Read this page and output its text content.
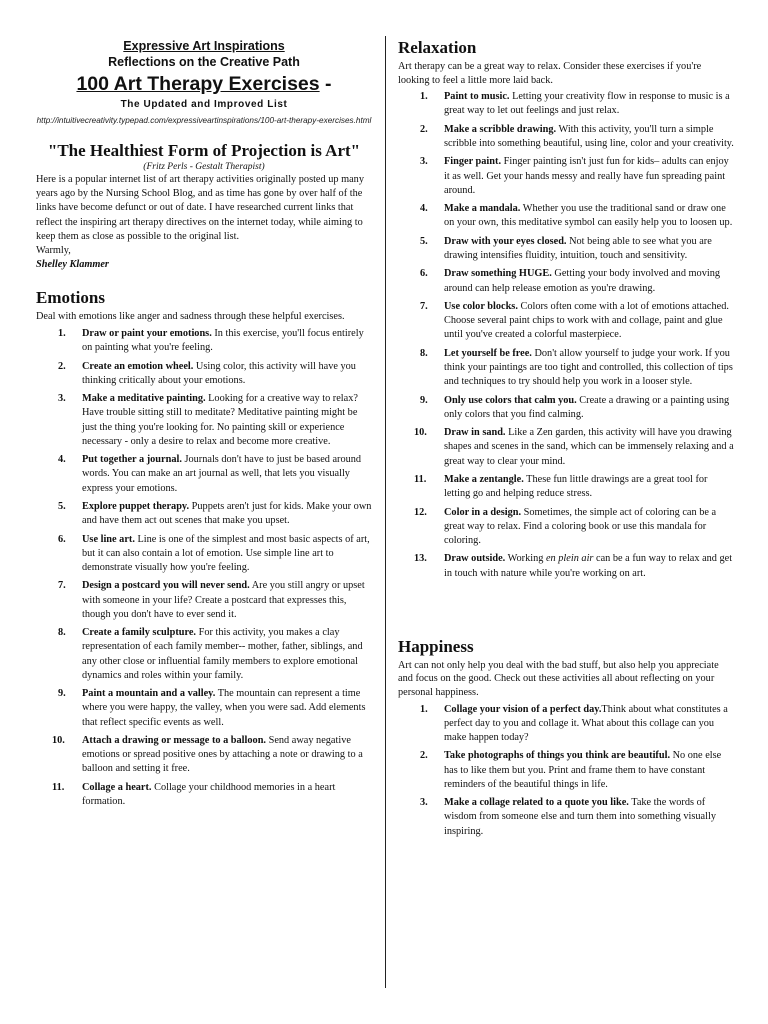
Expressive Art Inspirations
Reflections on the Creative Path
100 Art Therapy Exercises -
The Updated and Improved List
http://intuitivecreativity.typepad.com/expressiveartinspirations/100-art-therapy-exercises.html
"The Healthiest Form of Projection is Art"
(Fritz Perls - Gestalt Therapist)

Here is a popular internet list of art therapy activities originally posted up many years ago by the Nursing School Blog, and as time has gone by over half of the links have become defunct or out of date. I have researched current links that reflect the inspiring art therapy directives on the internet today, while aiming to keep them as close as possible to the original list.

Warmly,
Shelley Klammer
Emotions

Deal with emotions like anger and sadness through these helpful exercises.

1.	Draw or paint your emotions. In this exercise, you'll focus entirely on painting what you're feeling.
2.	Create an emotion wheel. Using color, this activity will have you thinking critically about your emotions.
3.	Make a meditative painting. Looking for a creative way to relax? Have trouble sitting still to meditate? Meditative painting might be just the thing you're looking for. No painting skill or experience necessary - only a desire to relax and become more creative.
4.	Put together a journal. Journals don't have to just be based around words. You can make an art journal as well, that lets you visually express your emotions.
5.	Explore puppet therapy. Puppets aren't just for kids. Make your own and have them act out scenes that make you upset.
6.	Use line art. Line is one of the simplest and most basic aspects of art, but it can also contain a lot of emotion. Use simple line art to demonstrate visually how you're feeling.
7.	Design a postcard you will never send. Are you still angry or upset with someone in your life? Create a postcard that expresses this, though you don't have to ever send it.
8.	Create a family sculpture. For this activity, you makes a clay representation of each family member-- mother, father, siblings, and any other close or influential family members to explore emotional dynamics and roles within your family.
9.	Paint a mountain and a valley. The mountain can represent a time where you were happy, the valley, when you were sad. Add elements that reflect specific events as well.
10.	Attach a drawing or message to a balloon. Send away negative emotions or spread positive ones by attaching a note or drawing to a balloon and setting it free.
11.	Collage a heart. Collage your childhood memories in a heart formation.
Relaxation

Art therapy can be a great way to relax. Consider these exercises if you're looking to feel a little more laid back.

1.	Paint to music. Letting your creativity flow in response to music is a great way to let out feelings and just relax.
2.	Make a scribble drawing. With this activity, you'll turn a simple scribble into something beautiful, using line, color and your creativity.
3.	Finger paint. Finger painting isn't just fun for kids– adults can enjoy it as well. Get your hands messy and really have fun spreading paint around.
4.	Make a mandala. Whether you use the traditional sand or draw one on your own, this meditative symbol can easily help you to loosen up.
5.	Draw with your eyes closed. Not being able to see what you are drawing intensifies fluidity, intuition, touch and sensitivity.
6.	Draw something HUGE. Getting your body involved and moving around can help release emotion as you're drawing.
7.	Use color blocks. Colors often come with a lot of emotions attached. Choose several paint chips to work with and collage, paint and glue until you've created a colorful masterpiece.
8.	Let yourself be free. Don't allow yourself to judge your work. If you think your paintings are too tight and controlled, this collection of tips and techniques to try should help you work in a looser style.
9.	Only use colors that calm you. Create a drawing or a painting using only colors that you find calming.
10.	Draw in sand. Like a Zen garden, this activity will have you drawing shapes and scenes in the sand, which can be immensely relaxing and a great way to clear your mind.
11.	Make a zentangle. These fun little drawings are a great tool for letting go and helping reduce stress.
12.	Color in a design. Sometimes, the simple act of coloring can be a great way to relax. Find a coloring book or use this mandala for coloring.
13.	Draw outside. Working en plein air can be a fun way to relax and get in touch with nature while you're working on art.
Happiness

Art can not only help you deal with the bad stuff, but also help you appreciate and focus on the good. Check out these activities all about reflecting on your personal happiness.

1.	Collage your vision of a perfect day.Think about what constitutes a perfect day to you and collage it. What about this collage can you make happen today?
2.	Take photographs of things you think are beautiful. No one else has to like them but you. Print and frame them to have constant reminders of the beautiful things in life.
3.	Make a collage related to a quote you like. Take the words of wisdom from someone else and turn them into something visually inspiring.
